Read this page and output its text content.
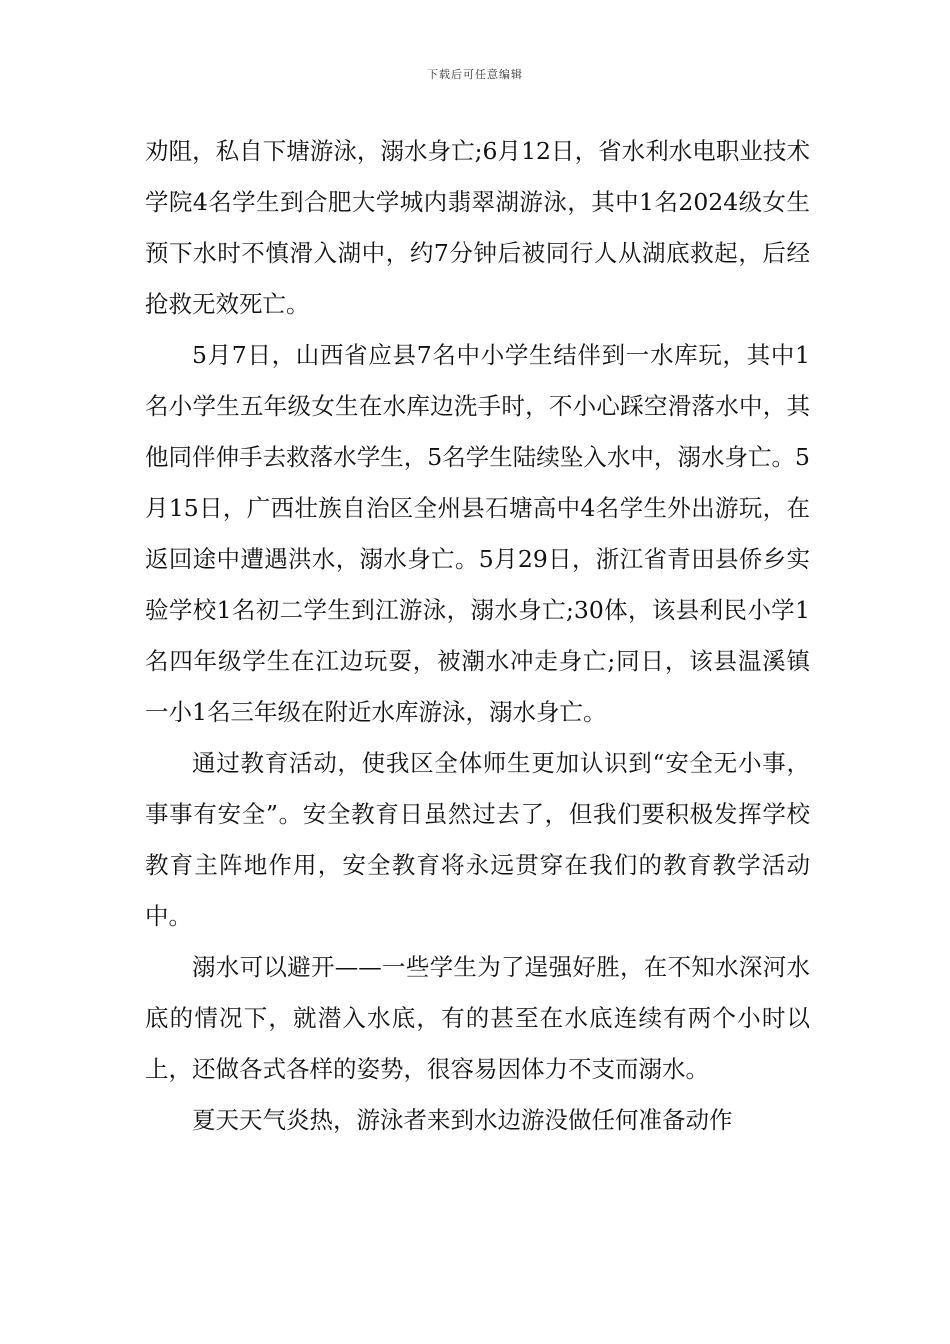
下载后可任意编辑

劝阻，私自下塘游泳，溺水身亡;6月12日，省水利水电职业技术学院4名学生到合肥大学城内翡翠湖游泳，其中1名2024级女生预下水时不慎滑入湖中，约7分钟后被同行人从湖底救起，后经抢救无效死亡。

5月7日，山西省应县7名中小学生结伴到一水库玩，其中1名小学生五年级女生在水库边洗手时，不小心踩空滑落水中，其他同伴伸手去救落水学生，5名学生陆续坠入水中，溺水身亡。5月15日，广西壮族自治区全州县石塘高中4名学生外出游玩，在返回途中遭遇洪水，溺水身亡。5月29日，浙江省青田县侨乡实验学校1名初二学生到江游泳，溺水身亡;30体，该县利民小学1名四年级学生在江边玩耍，被潮水冲走身亡;同日，该县温溪镇一小1名三年级在附近水库游泳，溺水身亡。

通过教育活动，使我区全体师生更加认识到“安全无小事，事事有安全”。安全教育日虽然过去了，但我们要积极发挥学校教育主阵地作用，安全教育将永远贯穿在我们的教育教学活动中。

溺水可以避开——一些学生为了逞强好胜，在不知水深河水底的情况下，就潜入水底，有的甚至在水底连续有两个小时以上，还做各式各样的姿势，很容易因体力不支而溺水。

夏天天气炎热，游泳者来到水边游没做任何准备动作
